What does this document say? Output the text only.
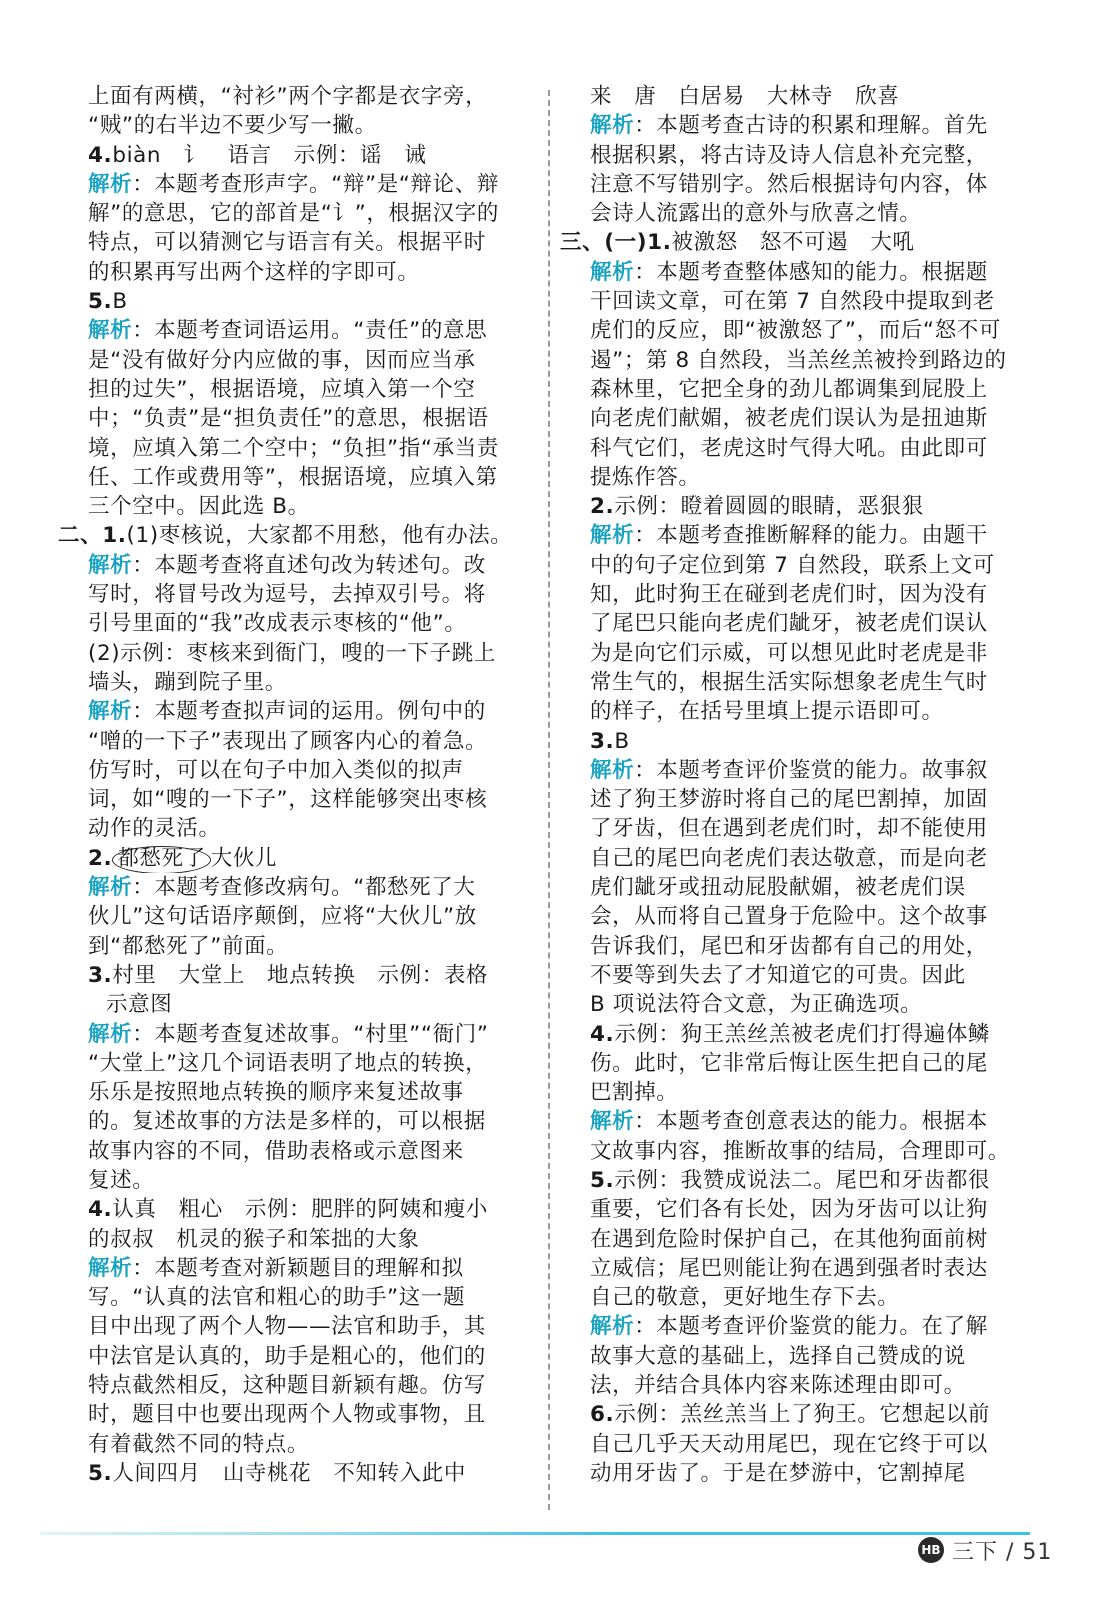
上面有两横，“衬衫”两个字都是衣字旁，
“贼”的右半边不要少写一撇。
4.biàn　讠　语言　示例：谣　诫
解析：本题考查形声字。“辩”是“辩论、辩
解”的意思，它的部首是“讠”，根据汉字的
特点，可以猜测它与语言有关。根据平时
的积累再写出两个这样的字即可。
5.B
解析：本题考查词语运用。“责任”的意思
是“没有做好分内应做的事，因而应当承
担的过失”，根据语境，应填入第一个空
中；“负责”是“担负责任”的意思，根据语
境，应填入第二个空中；“负担”指“承当责
任、工作或费用等”，根据语境，应填入第
三个空中。因此选 B。
二、1.(1)枣核说，大家都不用愁，他有办法。
解析：本题考查将直述句改为转述句。改
写时，将冒号改为逗号，去掉双引号。将
引号里面的“我”改成表示枣核的“他”。
(2)示例：枣核来到衙门，嗖的一下子跳上
墙头，蹦到院子里。
解析：本题考查拟声词的运用。例句中的
“噌的一下子”表现出了顾客内心的着急。
仿写时，可以在句子中加入类似的拟声
词，如“嗖的一下子”，这样能够突出枣核
动作的灵活。
2. 都愁死了 大伙儿
解析：本题考查修改病句。“都愁死了大
伙儿”这句话语序颠倒，应将“大伙儿”放
到“都愁死了”前面。
3.村里　大堂上　地点转换　示例：表格
示意图
解析：本题考查复述故事。“村里”“衙门”
“大堂上”这几个词语表明了地点的转换，
乐乐是按照地点转换的顺序来复述故事
的。复述故事的方法是多样的，可以根据
故事内容的不同，借助表格或示意图来
复述。
4.认真　粗心　示例：肥胖的阿姨和瘦小
的叔叔　机灵的猴子和笨拙的大象
解析：本题考查对新颖题目的理解和拟
写。“认真的法官和粗心的助手”这一题
目中出现了两个人物——法官和助手，其
中法官是认真的，助手是粗心的，他们的
特点截然相反，这种题目新颖有趣。仿写
时，题目中也要出现两个人物或事物，且
有着截然不同的特点。
5.人间四月　山寺桃花　不知转入此中
来　唐　白居易　大林寺　欣喜
解析：本题考查古诗的积累和理解。首先
根据积累，将古诗及诗人信息补充完整，
注意不写错别字。然后根据诗句内容，体
会诗人流露出的意外与欣喜之情。
三、(一)1.被激怒　怒不可遏　大吼
解析：本题考查整体感知的能力。根据题
干回读文章，可在第 7 自然段中提取到老
虎们的反应，即“被激怒了”，而后“怒不可
遏”；第 8 自然段，当羔丝羔被拎到路边的
森林里，它把全身的劲儿都调集到屁股上
向老虎们献媚，被老虎们误认为是扭迪斯
科气它们，老虎这时气得大吼。由此即可
提炼作答。
2.示例：瞪着圆圆的眼睛，恶狠狠
解析：本题考查推断解释的能力。由题干
中的句子定位到第 7 自然段，联系上文可
知，此时狗王在碰到老虎们时，因为没有
了尾巴只能向老虎们龇牙，被老虎们误认
为是向它们示威，可以想见此时老虎是非
常生气的，根据生活实际想象老虎生气时
的样子，在括号里填上提示语即可。
3.B
解析：本题考查评价鉴赏的能力。故事叙
述了狗王梦游时将自己的尾巴割掉，加固
了牙齿，但在遇到老虎们时，却不能使用
自己的尾巴向老虎们表达敬意，而是向老
虎们龇牙或扭动屁股献媚，被老虎们误
会，从而将自己置身于危险中。这个故事
告诉我们，尾巴和牙齿都有自己的用处，
不要等到失去了才知道它的可贵。因此
B 项说法符合文意，为正确选项。
4.示例：狗王羔丝羔被老虎们打得遍体鳞
伤。此时，它非常后悔让医生把自己的尾
巴割掉。
解析：本题考查创意表达的能力。根据本
文故事内容，推断故事的结局，合理即可。
5.示例：我赞成说法二。尾巴和牙齿都很
重要，它们各有长处，因为牙齿可以让狗
在遇到危险时保护自己，在其他狗面前树
立威信；尾巴则能让狗在遇到强者时表达
自己的敬意，更好地生存下去。
解析：本题考查评价鉴赏的能力。在了解
故事大意的基础上，选择自己赞成的说
法，并结合具体内容来陈述理由即可。
6.示例：羔丝羔当上了狗王。它想起以前
自己几乎天天动用尾巴，现在它终于可以
动用牙齿了。于是在梦游中，它割掉尾
HB 三下 / 51
